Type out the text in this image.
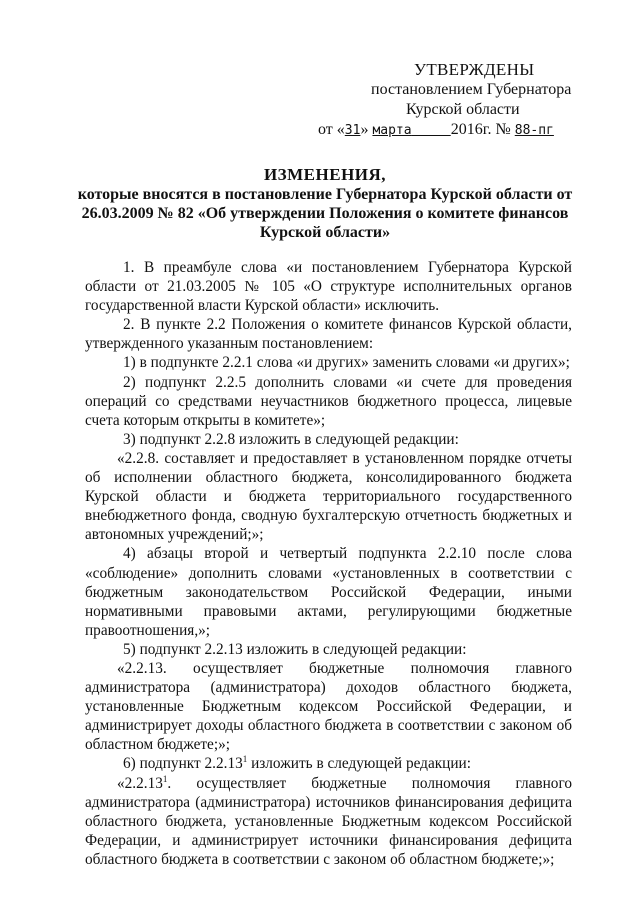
УТВЕРЖДЕНЫ
постановлением Губернатора
Курской области
от «31» марта 2016г. № 88-пг
ИЗМЕНЕНИЯ,
которые вносятся в постановление Губернатора Курской области от 26.03.2009 № 82 «Об утверждении Положения о комитете финансов Курской области»

1. В преамбуле слова «и постановлением Губернатора Курской области от 21.03.2005 № 105 «О структуре исполнительных органов государственной власти Курской области» исключить.

2. В пункте 2.2 Положения о комитете финансов Курской области, утвержденного указанным постановлением:

1) в подпункте 2.2.1 слова «и других» заменить словами «и других»;

2) подпункт 2.2.5 дополнить словами «и счете для проведения операций со средствами неучастников бюджетного процесса, лицевые счета которым открыты в комитете»;

3) подпункт 2.2.8 изложить в следующей редакции:

«2.2.8. составляет и предоставляет в установленном порядке отчеты об исполнении областного бюджета, консолидированного бюджета Курской области и бюджета территориального государственного внебюджетного фонда, сводную бухгалтерскую отчетность бюджетных и автономных учреждений;»;

4) абзацы второй и четвертый подпункта 2.2.10 после слова «соблюдение» дополнить словами «установленных в соответствии с бюджетным законодательством Российской Федерации, иными нормативными правовыми актами, регулирующими бюджетные правоотношения,»;

5) подпункт 2.2.13 изложить в следующей редакции:

«2.2.13. осуществляет бюджетные полномочия главного администратора (администратора) доходов областного бюджета, установленные Бюджетным кодексом Российской Федерации, и администрирует доходы областного бюджета в соответствии с законом об областном бюджете;»;

6) подпункт 2.2.13$^1$ изложить в следующей редакции:

«2.2.13$^1$. осуществляет бюджетные полномочия главного администратора (администратора) источников финансирования дефицита областного бюджета, установленные Бюджетным кодексом Российской Федерации, и администрирует источники финансирования дефицита областного бюджета в соответствии с законом об областном бюджете;»;
